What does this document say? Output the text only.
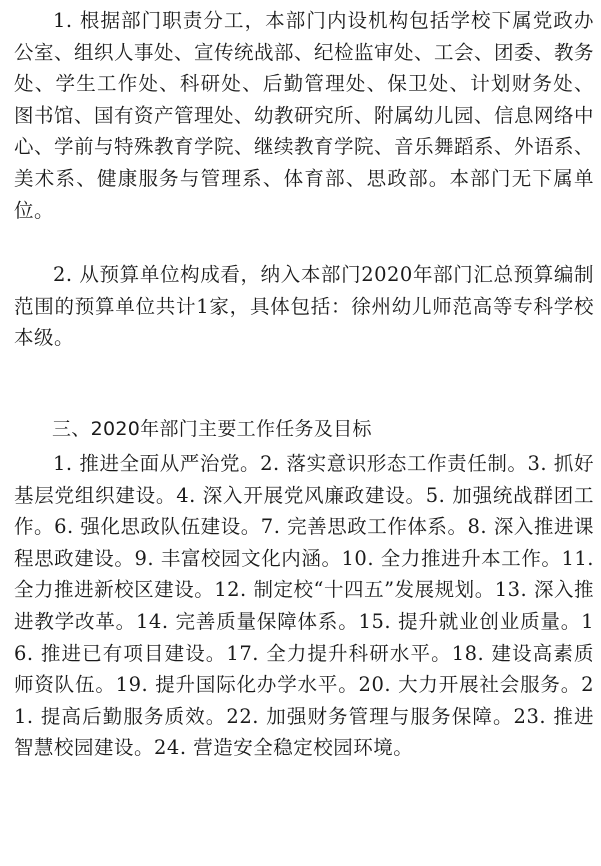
1. 根据部门职责分工，本部门内设机构包括学校下属党政办公室、组织人事处、宣传统战部、纪检监审处、工会、团委、教务处、学生工作处、科研处、后勤管理处、保卫处、计划财务处、 图书馆、国有资产管理处、幼教研究所、附属幼儿园、信息网络中心、学前与特殊教育学院、继续教育学院、音乐舞蹈系、外语系、美术系、健康服务与管理系、体育部、思政部。本部门无下属单位。

2. 从预算单位构成看，纳入本部门2020年部门汇总预算编制范围的预算单位共计1家，具体包括：徐州幼儿师范高等专科学校本级。

三、2020年部门主要工作任务及目标

1. 推进全面从严治党。2. 落实意识形态工作责任制。3. 抓好基层党组织建设。4. 深入开展党风廉政建设。5. 加强统战群团工作。6. 强化思政队伍建设。7. 完善思政工作体系。8. 深入推进课程思政建设。9. 丰富校园文化内涵。10. 全力推进升本工作。11. 全力推进新校区建设。12. 制定校“十四五”发展规划。13. 深入推进教学改革。14. 完善质量保障体系。15. 提升就业创业质量。16. 推进已有项目建设。17. 全力提升科研水平。18. 建设高素质师资队伍。19. 提升国际化办学水平。20. 大力开展社会服务。21. 提高后勤服务质效。22. 加强财务管理与服务保障。23. 推进智慧校园建设。24. 营造安全稳定校园环境。
